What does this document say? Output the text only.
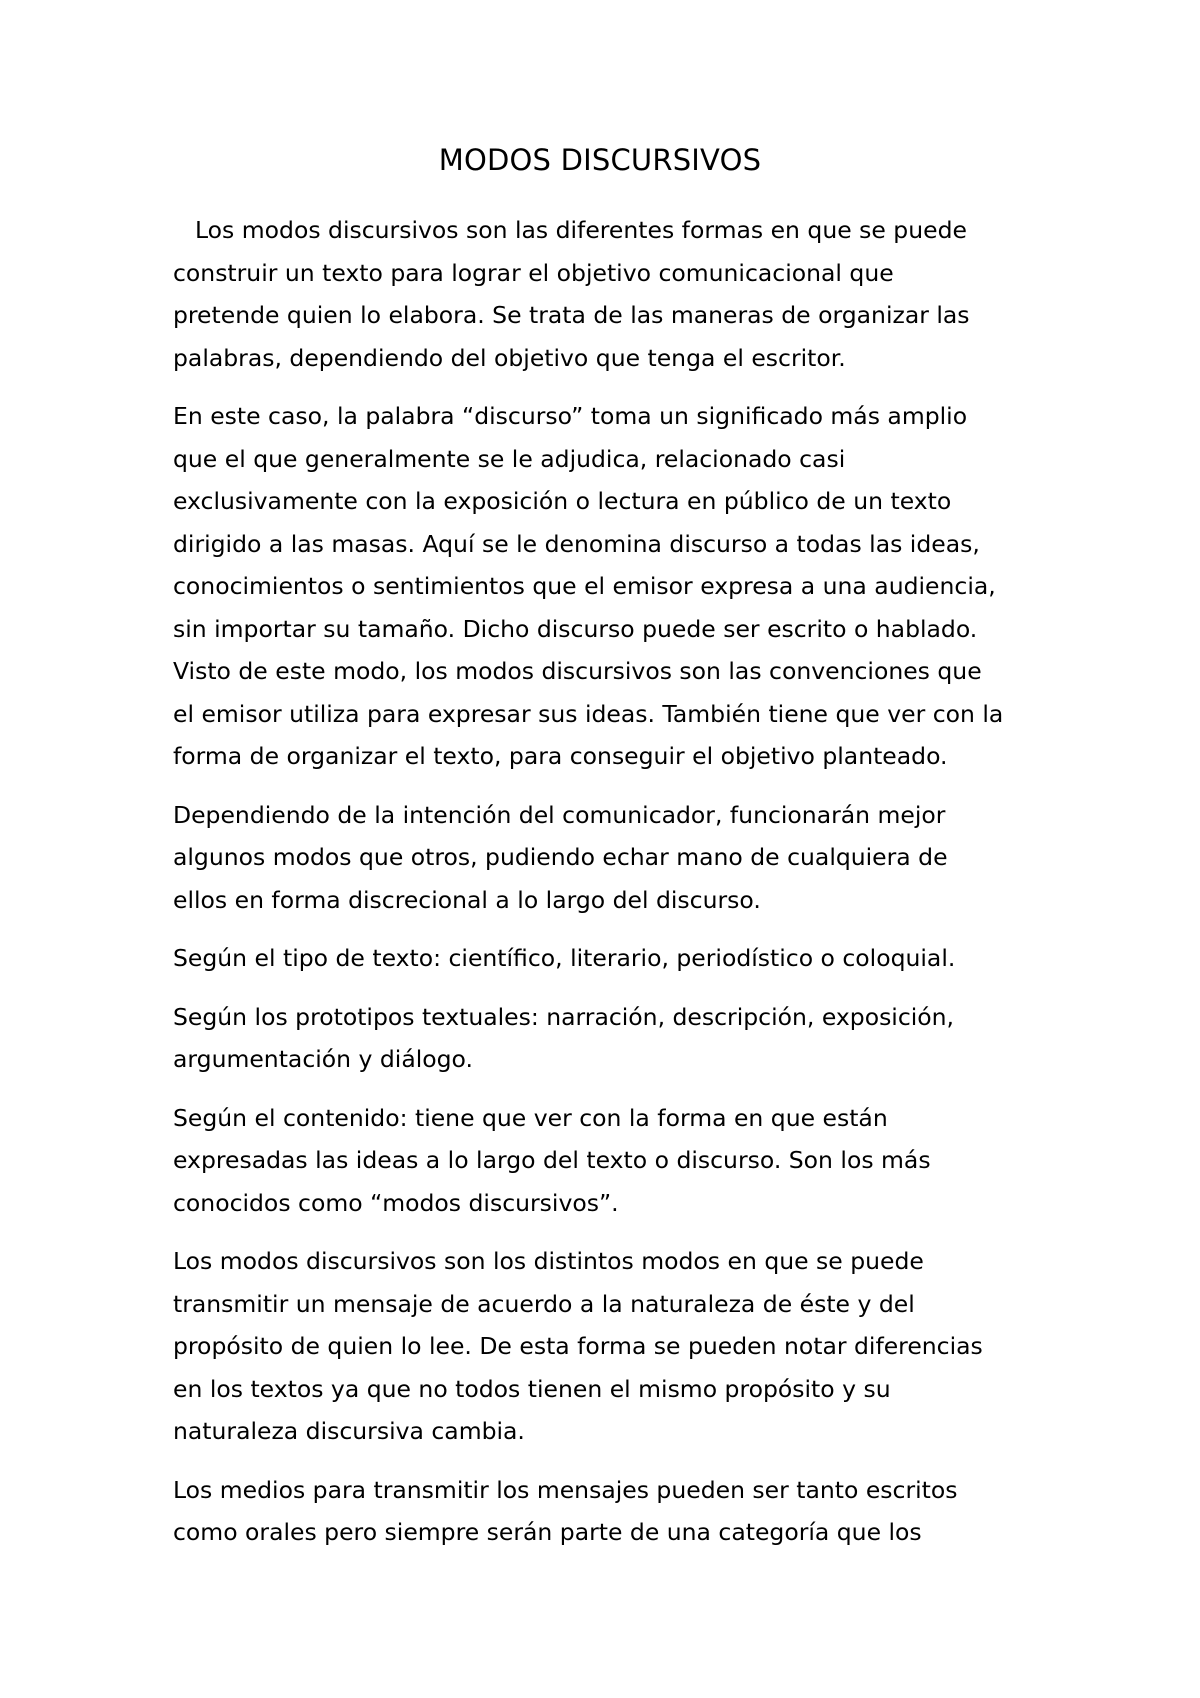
MODOS DISCURSIVOS

Los modos discursivos son las diferentes formas en que se puede
construir un texto para lograr el objetivo comunicacional que
pretende quien lo elabora. Se trata de las maneras de organizar las
palabras, dependiendo del objetivo que tenga el escritor.

En este caso, la palabra “discurso” toma un significado más amplio
que el que generalmente se le adjudica, relacionado casi
exclusivamente con la exposición o lectura en público de un texto
dirigido a las masas. Aquí se le denomina discurso a todas las ideas,
conocimientos o sentimientos que el emisor expresa a una audiencia,
sin importar su tamaño. Dicho discurso puede ser escrito o hablado.
Visto de este modo, los modos discursivos son las convenciones que
el emisor utiliza para expresar sus ideas. También tiene que ver con la
forma de organizar el texto, para conseguir el objetivo planteado.

Dependiendo de la intención del comunicador, funcionarán mejor
algunos modos que otros, pudiendo echar mano de cualquiera de
ellos en forma discrecional a lo largo del discurso.

Según el tipo de texto: científico, literario, periodístico o coloquial.

Según los prototipos textuales: narración, descripción, exposición,
argumentación y diálogo.

Según el contenido: tiene que ver con la forma en que están
expresadas las ideas a lo largo del texto o discurso. Son los más
conocidos como “modos discursivos”.

Los modos discursivos son los distintos modos en que se puede
transmitir un mensaje de acuerdo a la naturaleza de éste y del
propósito de quien lo lee. De esta forma se pueden notar diferencias
en los textos ya que no todos tienen el mismo propósito y su
naturaleza discursiva cambia.

Los medios para transmitir los mensajes pueden ser tanto escritos
como orales pero siempre serán parte de una categoría que los
